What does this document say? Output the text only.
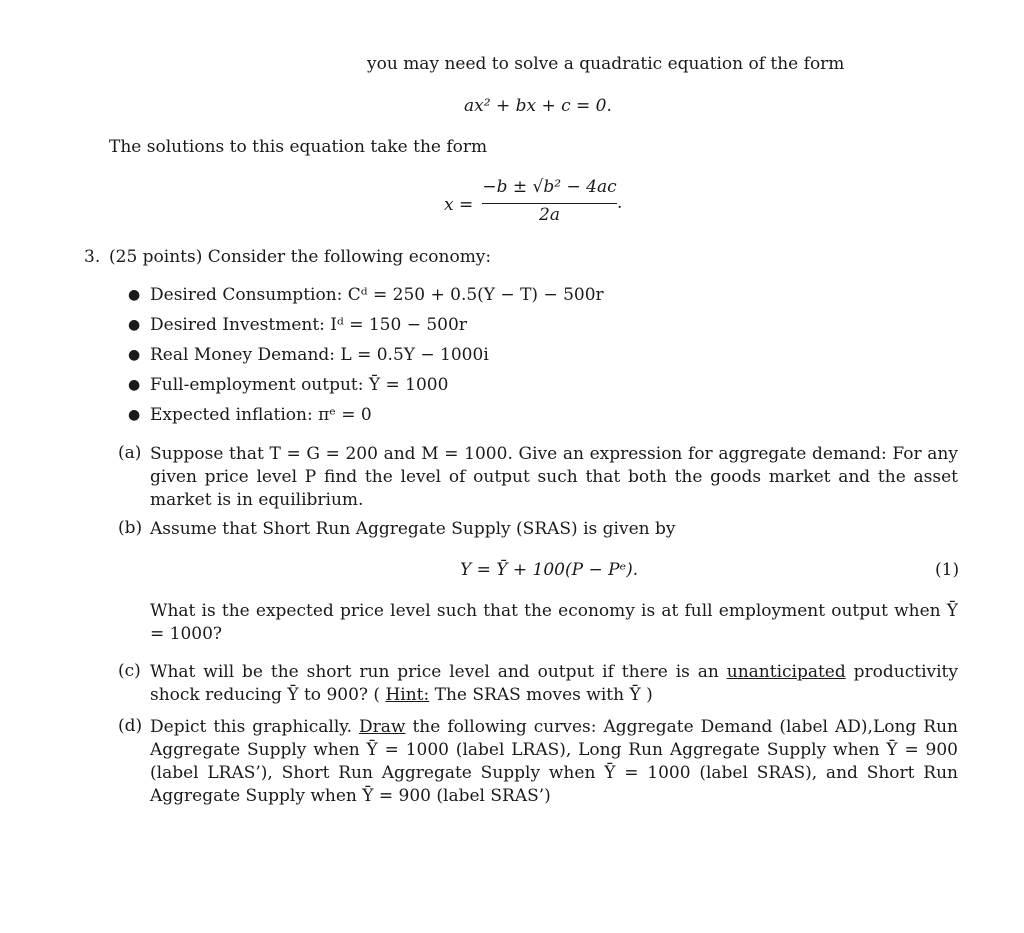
you may need to solve a quadratic equation of the form
ax² + bx + c = 0.
The solutions to this equation take the form
x =
−b ± √b² − 4ac
2a
.
3. (25 points) Consider the following economy:
● Desired Consumption: Cᵈ = 250 + 0.5(Y − T) − 500r
● Desired Investment: Iᵈ = 150 − 500r
● Real Money Demand: L = 0.5Y − 1000i
● Full-employment output: Ȳ = 1000
● Expected inflation: πᵉ = 0
(a) Suppose that T = G = 200 and M = 1000. Give an expression for aggregate demand: For any given price level P find the level of output such that both the goods market and the asset market is in equilibrium.
(b) Assume that Short Run Aggregate Supply (SRAS) is given by
Y = Ȳ + 100(P − Pᵉ).	(1)
What is the expected price level such that the economy is at full employment output when Ȳ = 1000?
(c) What will be the short run price level and output if there is an unanticipated productivity shock reducing Ȳ to 900? ( Hint: The SRAS moves with Ȳ )
(d) Depict this graphically. Draw the following curves: Aggregate Demand (label AD),Long Run Aggregate Supply when Ȳ = 1000 (label LRAS), Long Run Aggregate Supply when Ȳ = 900 (label LRAS’), Short Run Aggregate Supply when Ȳ = 1000 (label SRAS), and Short Run Aggregate Supply when Ȳ = 900 (label SRAS’)
